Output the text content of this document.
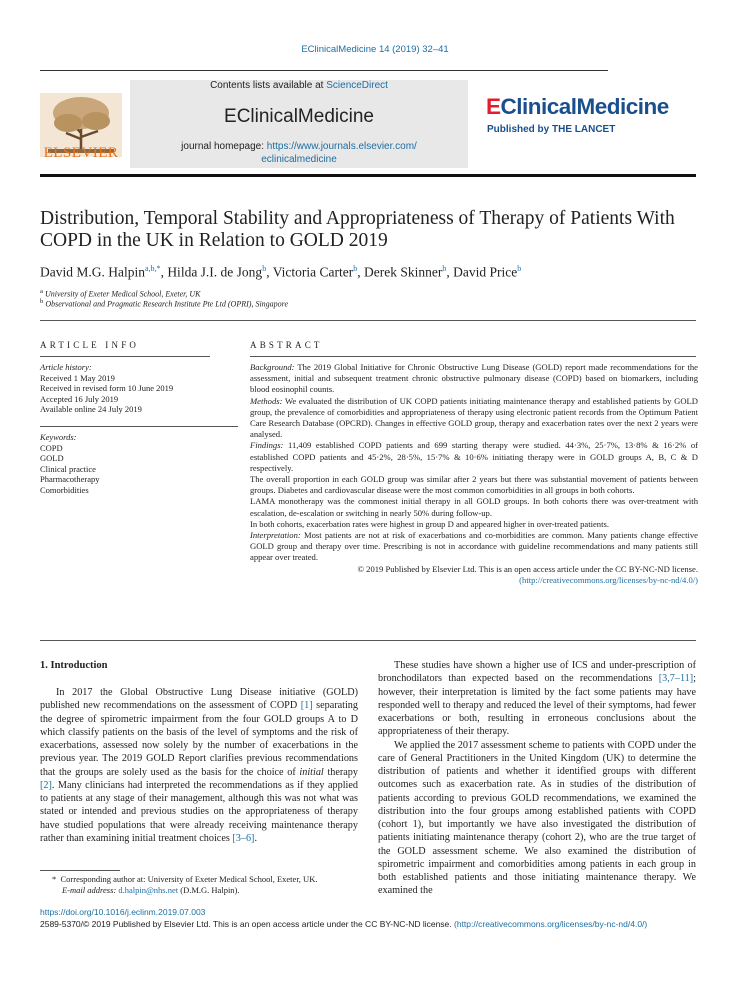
EClinicalMedicine 14 (2019) 32–41
ELSEVIER
Contents lists available at ScienceDirect
EClinicalMedicine
journal homepage: https://www.journals.elsevier.com/
eclinicalmedicine
EClinicalMedicine
Published by THE LANCET
Distribution, Temporal Stability and Appropriateness of Therapy of Patients With COPD in the UK in Relation to GOLD 2019
David M.G. Halpin$^{a,b,*}$, Hilda J.I. de Jong$^b$, Victoria Carter$^b$, Derek Skinner$^b$, David Price$^b$
$^a$ University of Exeter Medical School, Exeter, UK
$^b$ Observational and Pragmatic Research Institute Pte Ltd (OPRI), Singapore
ARTICLE INFO
Article history:
Received 1 May 2019
Received in revised form 10 June 2019
Accepted 16 July 2019
Available online 24 July 2019
Keywords:
COPD
GOLD
Clinical practice
Pharmacotherapy
Comorbidities
ABSTRACT

Background: The 2019 Global Initiative for Chronic Obstructive Lung Disease (GOLD) report made recommendations for the assessment, initial and subsequent treatment chronic obstructive pulmonary disease (COPD) based on biomarkers, including blood eosinophil counts.

Methods: We evaluated the distribution of UK COPD patients initiating maintenance therapy and established patients by GOLD group, the prevalence of comorbidities and appropriateness of therapy using electronic patient records from the Optimum Patient Care Research Database (OPCRD). Changes in effective GOLD group, therapy and exacerbation rates over the next 2 years were analysed.

Findings: 11,409 established COPD patients and 699 starting therapy were studied. 44·3%, 25·7%, 13·8% & 16·2% of established COPD patients and 45·2%, 28·5%, 15·7% & 10·6% initiating therapy were in GOLD groups A, B, C & D respectively.

The overall proportion in each GOLD group was similar after 2 years but there was substantial movement of patients between groups. Diabetes and cardiovascular disease were the most common comorbidities in all groups in both cohorts.

LAMA monotherapy was the commonest initial therapy in all GOLD groups. In both cohorts there was over-treatment with escalation, de-escalation or switching in nearly 50% during follow-up.

In both cohorts, exacerbation rates were highest in group D and appeared higher in over-treated patients.

Interpretation: Most patients are not at risk of exacerbations and co-morbidities are common. Many patients change effective GOLD group and therapy over time. Prescribing is not in accordance with guideline recommendations and many patients still appear over treated.

© 2019 Published by Elsevier Ltd. This is an open access article under the CC BY-NC-ND license.

(http://creativecommons.org/licenses/by-nc-nd/4.0/)

1. Introduction

In 2017 the Global Obstructive Lung Disease initiative (GOLD) published new recommendations on the assessment of COPD [1] separating the degree of spirometric impairment from the four GOLD groups A to D which classify patients on the basis of the level of symptoms and the risk of exacerbations, assessed now solely by the number of exacerbations in the previous year. The 2019 GOLD Report clarifies previous recommendations that the groups are solely used as the basis for the choice of initial therapy [2]. Many clinicians had interpreted the recommendations as if they applied to patients at any stage of their management, although this was not what was stated or intended and previous studies on the appropriateness of therapy have studied populations that were already receiving maintenance therapy rather than examining initial treatment choices [3–6].

These studies have shown a higher use of ICS and under-prescription of bronchodilators than expected based on the recommendations [3,7–11]; however, their interpretation is limited by the fact some patients may have responded well to therapy and reduced the level of their symptoms, had fewer exacerbations or both, resulting in erroneous conclusions about the appropriateness of their therapy.

We applied the 2017 assessment scheme to patients with COPD under the care of General Practitioners in the United Kingdom (UK) to determine the distribution of patients and whether it identified groups with different outcomes such as exacerbation rate. As in studies of the distribution of patients according to previous GOLD recommendations, we examined the distribution into the four groups among established patients with COPD (cohort 1), but importantly we have also investigated the distribution of patients initiating maintenance therapy (cohort 2), who are the true target of the GOLD assessment scheme. We also examined the distribution of spirometric impairment and comorbidities among patients in each group in both established patients and those initiating maintenance therapy. We examined the

* Corresponding author at: University of Exeter Medical School, Exeter, UK.
E-mail address: d.halpin@nhs.net (D.M.G. Halpin).
https://doi.org/10.1016/j.eclinm.2019.07.003
2589-5370/© 2019 Published by Elsevier Ltd. This is an open access article under the CC BY-NC-ND license. (http://creativecommons.org/licenses/by-nc-nd/4.0/)
